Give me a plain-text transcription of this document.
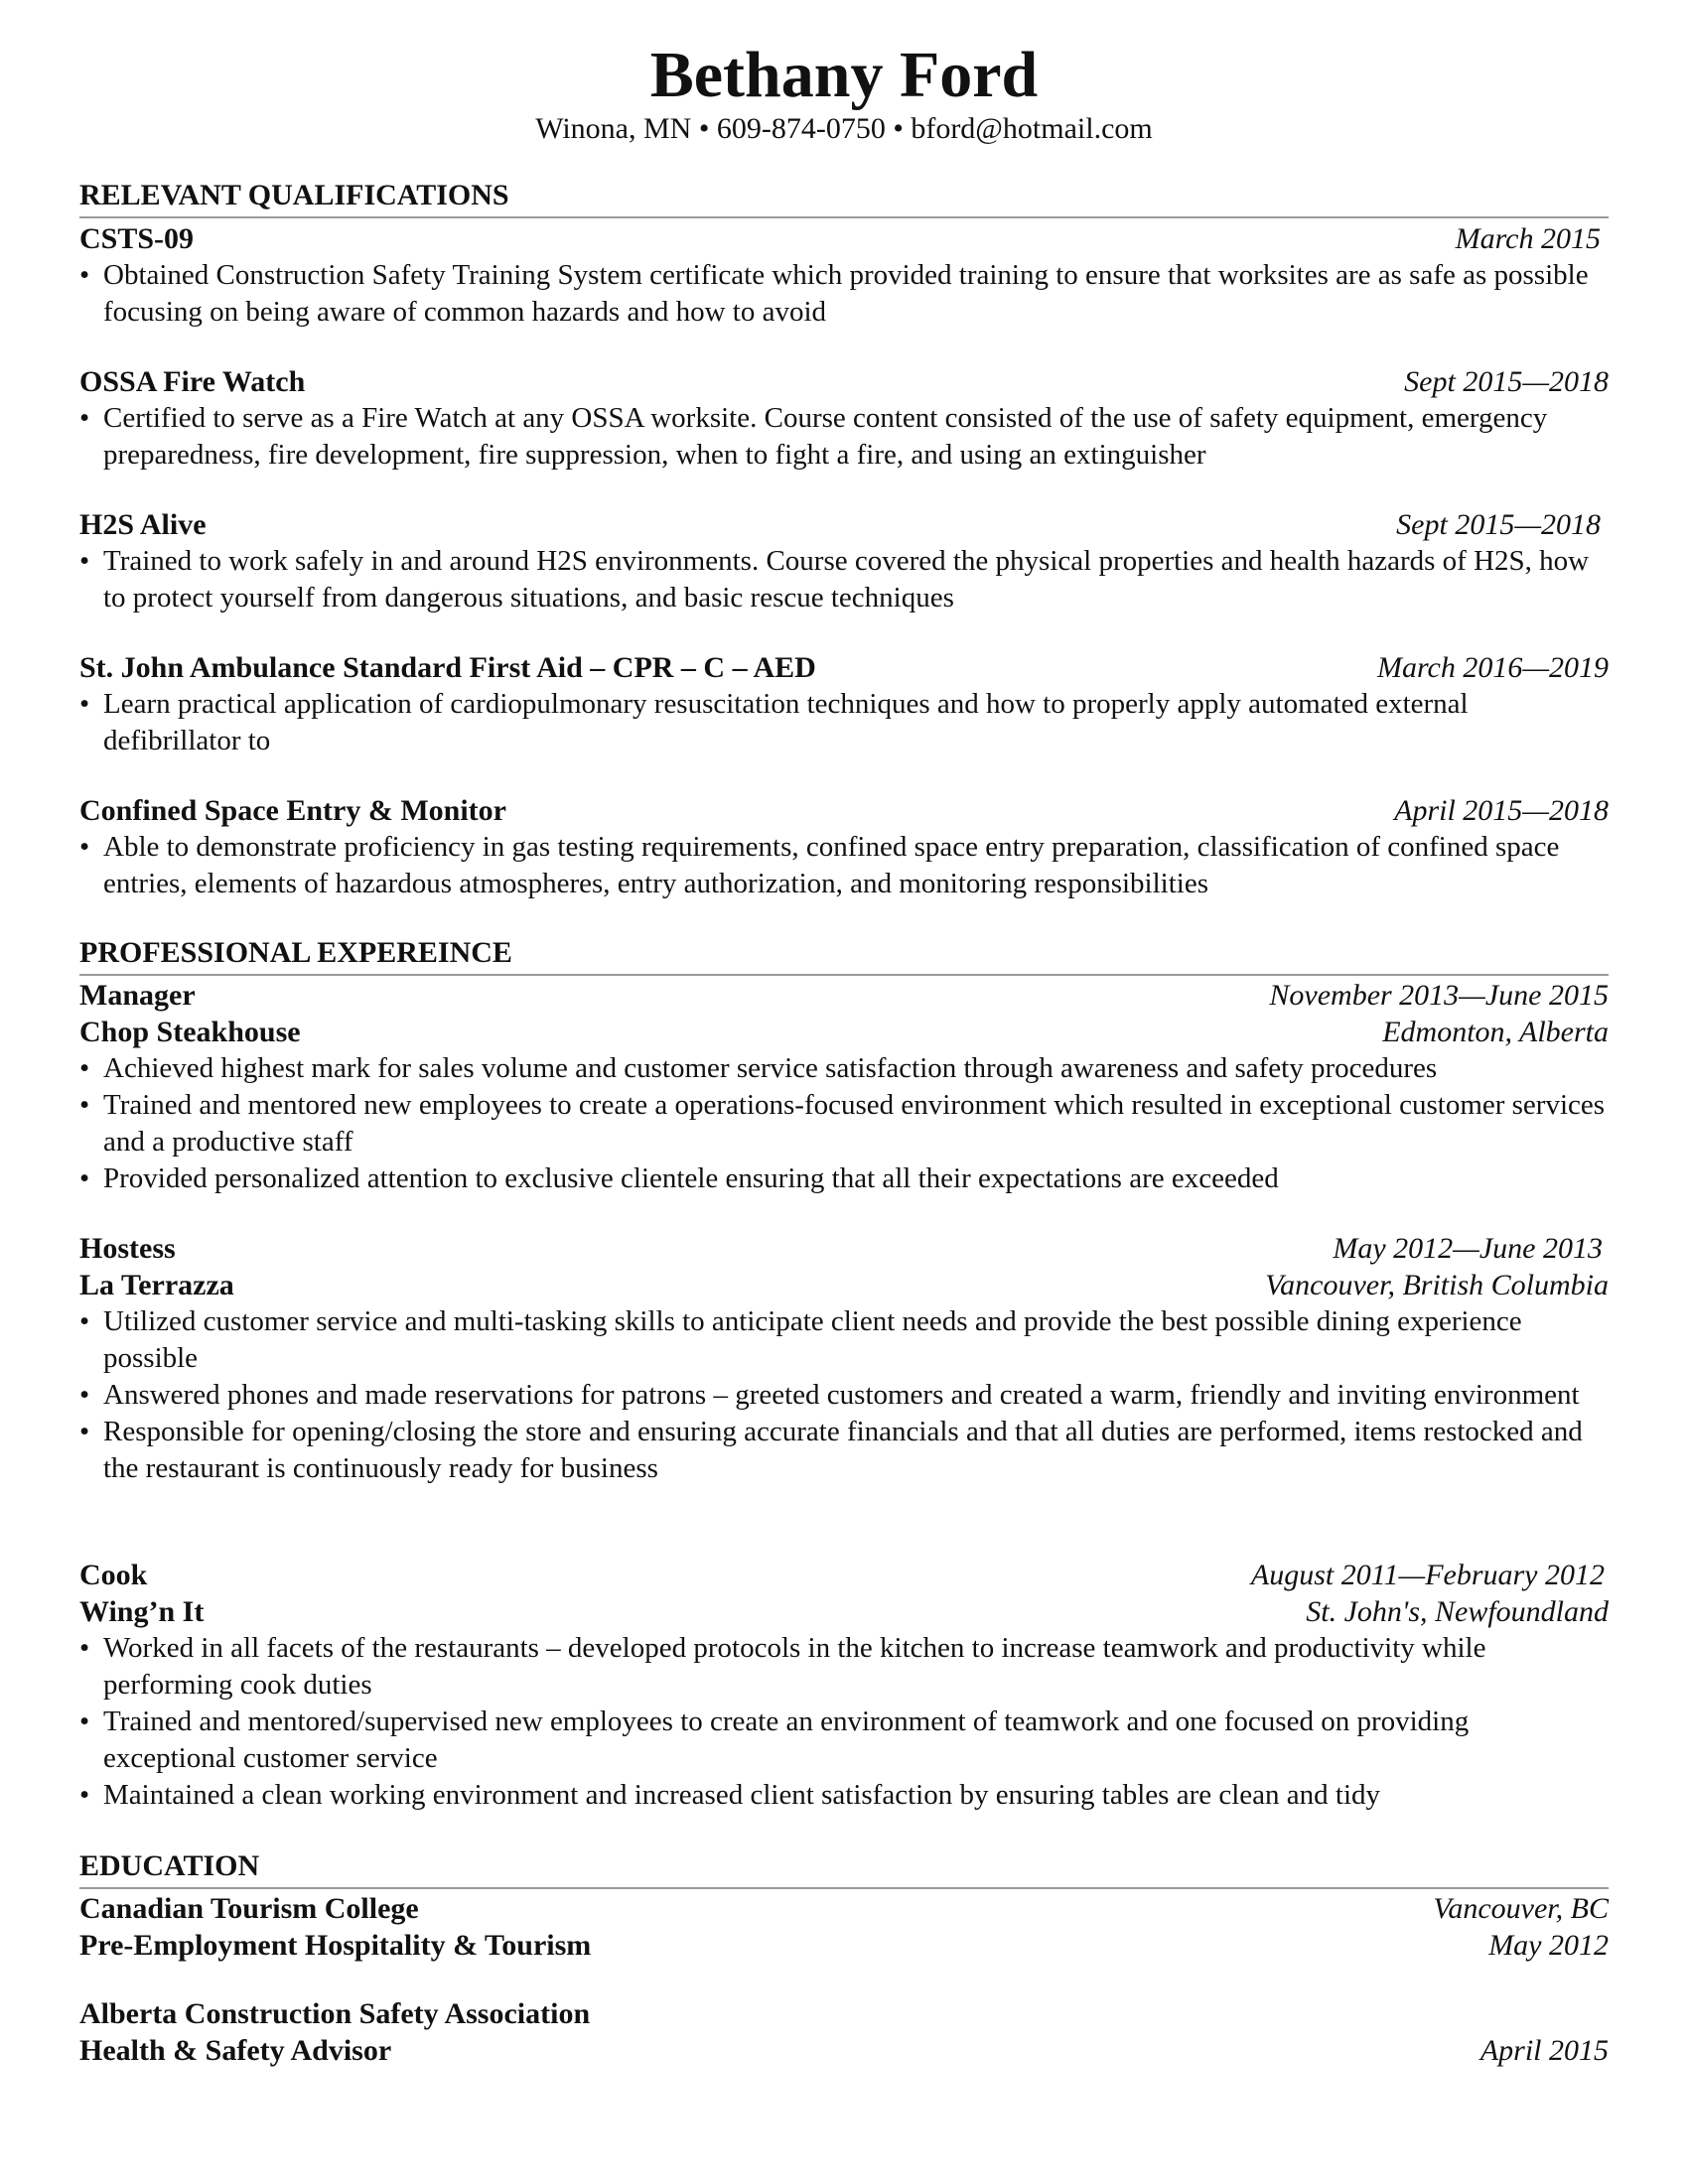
Bethany Ford
Winona, MN • 609-874-0750 • bford@hotmail.com
RELEVANT QUALIFICATIONS
CSTS-09	March 2015
• Obtained Construction Safety Training System certificate which provided training to ensure that worksites are as safe as possible focusing on being aware of common hazards and how to avoid
OSSA Fire Watch	Sept 2015—2018
• Certified to serve as a Fire Watch at any OSSA worksite. Course content consisted of the use of safety equipment, emergency preparedness, fire development, fire suppression, when to fight a fire, and using an extinguisher
H2S Alive	Sept 2015—2018
• Trained to work safely in and around H2S environments. Course covered the physical properties and health hazards of H2S, how to protect yourself from dangerous situations, and basic rescue techniques
St. John Ambulance Standard First Aid – CPR – C – AED	March 2016—2019
• Learn practical application of cardiopulmonary resuscitation techniques and how to properly apply automated external defibrillator to
Confined Space Entry & Monitor	April 2015—2018
• Able to demonstrate proficiency in gas testing requirements, confined space entry preparation, classification of confined space entries, elements of hazardous atmospheres, entry authorization, and monitoring responsibilities
PROFESSIONAL EXPEREINCE
Manager	November 2013—June 2015
Chop Steakhouse	Edmonton, Alberta
• Achieved highest mark for sales volume and customer service satisfaction through awareness and safety procedures
• Trained and mentored new employees to create a operations-focused environment which resulted in exceptional customer services and a productive staff
• Provided personalized attention to exclusive clientele ensuring that all their expectations are exceeded
Hostess	May 2012—June 2013
La Terrazza	Vancouver, British Columbia
• Utilized customer service and multi-tasking skills to anticipate client needs and provide the best possible dining experience possible
• Answered phones and made reservations for patrons – greeted customers and created a warm, friendly and inviting environment
• Responsible for opening/closing the store and ensuring accurate financials and that all duties are performed, items restocked and the restaurant is continuously ready for business
Cook	August 2011—February 2012
Wing’n It	St. John's, Newfoundland
• Worked in all facets of the restaurants – developed protocols in the kitchen to increase teamwork and productivity while performing cook duties
• Trained and mentored/supervised new employees to create an environment of teamwork and one focused on providing exceptional customer service
• Maintained a clean working environment and increased client satisfaction by ensuring tables are clean and tidy
EDUCATION
Canadian Tourism College	Vancouver, BC
Pre-Employment Hospitality & Tourism	May 2012
Alberta Construction Safety Association
Health & Safety Advisor	April 2015
